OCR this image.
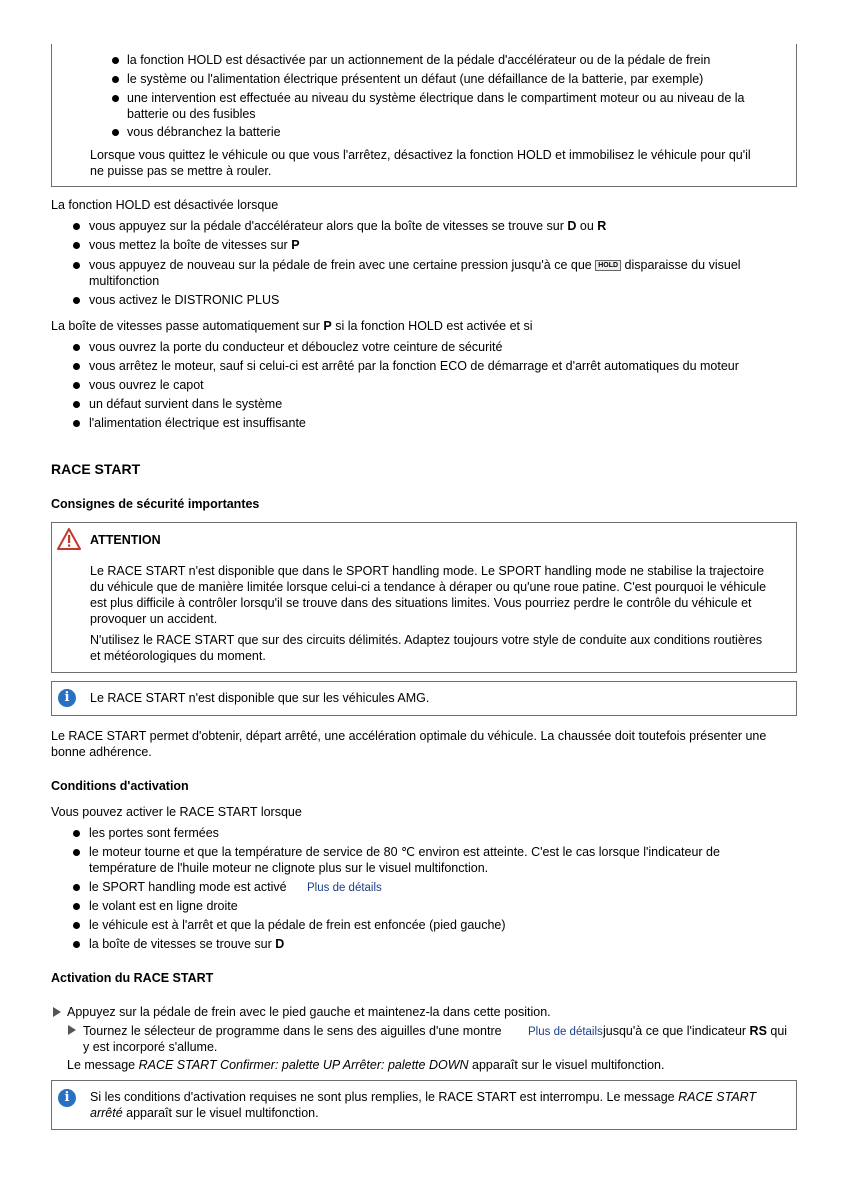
la fonction HOLD est désactivée par un actionnement de la pédale d'accélérateur ou de la pédale de frein

le système ou l'alimentation électrique présentent un défaut (une défaillance de la batterie, par exemple)

une intervention est effectuée au niveau du système électrique dans le compartiment moteur ou au niveau de la

batterie ou des fusibles

vous débranchez la batterie

Lorsque vous quittez le véhicule ou que vous l'arrêtez, désactivez la fonction HOLD et immobilisez le véhicule pour qu'il

ne puisse pas se mettre à rouler.

La fonction HOLD est désactivée lorsque

vous appuyez sur la pédale d'accélérateur alors que la boîte de vitesses se trouve sur D ou R

vous mettez la boîte de vitesses sur P

vous appuyez de nouveau sur la pédale de frein avec une certaine pression jusqu'à ce que HOLD disparaisse du visuel

multifonction

vous activez le DISTRONIC PLUS

La boîte de vitesses passe automatiquement sur P si la fonction HOLD est activée et si

vous ouvrez la porte du conducteur et débouclez votre ceinture de sécurité

vous arrêtez le moteur, sauf si celui-ci est arrêté par la fonction ECO de démarrage et d'arrêt automatiques du moteur

vous ouvrez le capot

un défaut survient dans le système

l'alimentation électrique est insuffisante

RACE START

Consignes de sécurité importantes

ATTENTION

Le RACE START n'est disponible que dans le SPORT handling mode. Le SPORT handling mode ne stabilise la trajectoire

du véhicule que de manière limitée lorsque celui-ci a tendance à déraper ou qu'une roue patine. C'est pourquoi le véhicule

est plus difficile à contrôler lorsqu'il se trouve dans des situations limites. Vous pourriez perdre le contrôle du véhicule et

provoquer un accident.

N'utilisez le RACE START que sur des circuits délimités. Adaptez toujours votre style de conduite aux conditions routières

et météorologiques du moment.

i	Le RACE START n'est disponible que sur les véhicules AMG.

Le RACE START permet d'obtenir, départ arrêté, une accélération optimale du véhicule. La chaussée doit toutefois présenter une

bonne adhérence.

Conditions d'activation

Vous pouvez activer le RACE START lorsque

les portes sont fermées

le moteur tourne et que la température de service de 80 ℃ environ est atteinte. C'est le cas lorsque l'indicateur de

température de l'huile moteur ne clignote plus sur le visuel multifonction.

le SPORT handling mode est activé Plus de détails

le volant est en ligne droite

le véhicule est à l'arrêt et que la pédale de frein est enfoncée (pied gauche)

la boîte de vitesses se trouve sur D

Activation du RACE START

Appuyez sur la pédale de frein avec le pied gauche et maintenez-la dans cette position.

Tournez le sélecteur de programme dans le sens des aiguilles d'une montre Plus de détails jusqu'à ce que l'indicateur RS qui

y est incorporé s'allume.

Le message RACE START Confirmer: palette UP Arrêter: palette DOWN apparaît sur le visuel multifonction.

i	Si les conditions d'activation requises ne sont plus remplies, le RACE START est interrompu. Le message RACE START

arrêté apparaît sur le visuel multifonction.
